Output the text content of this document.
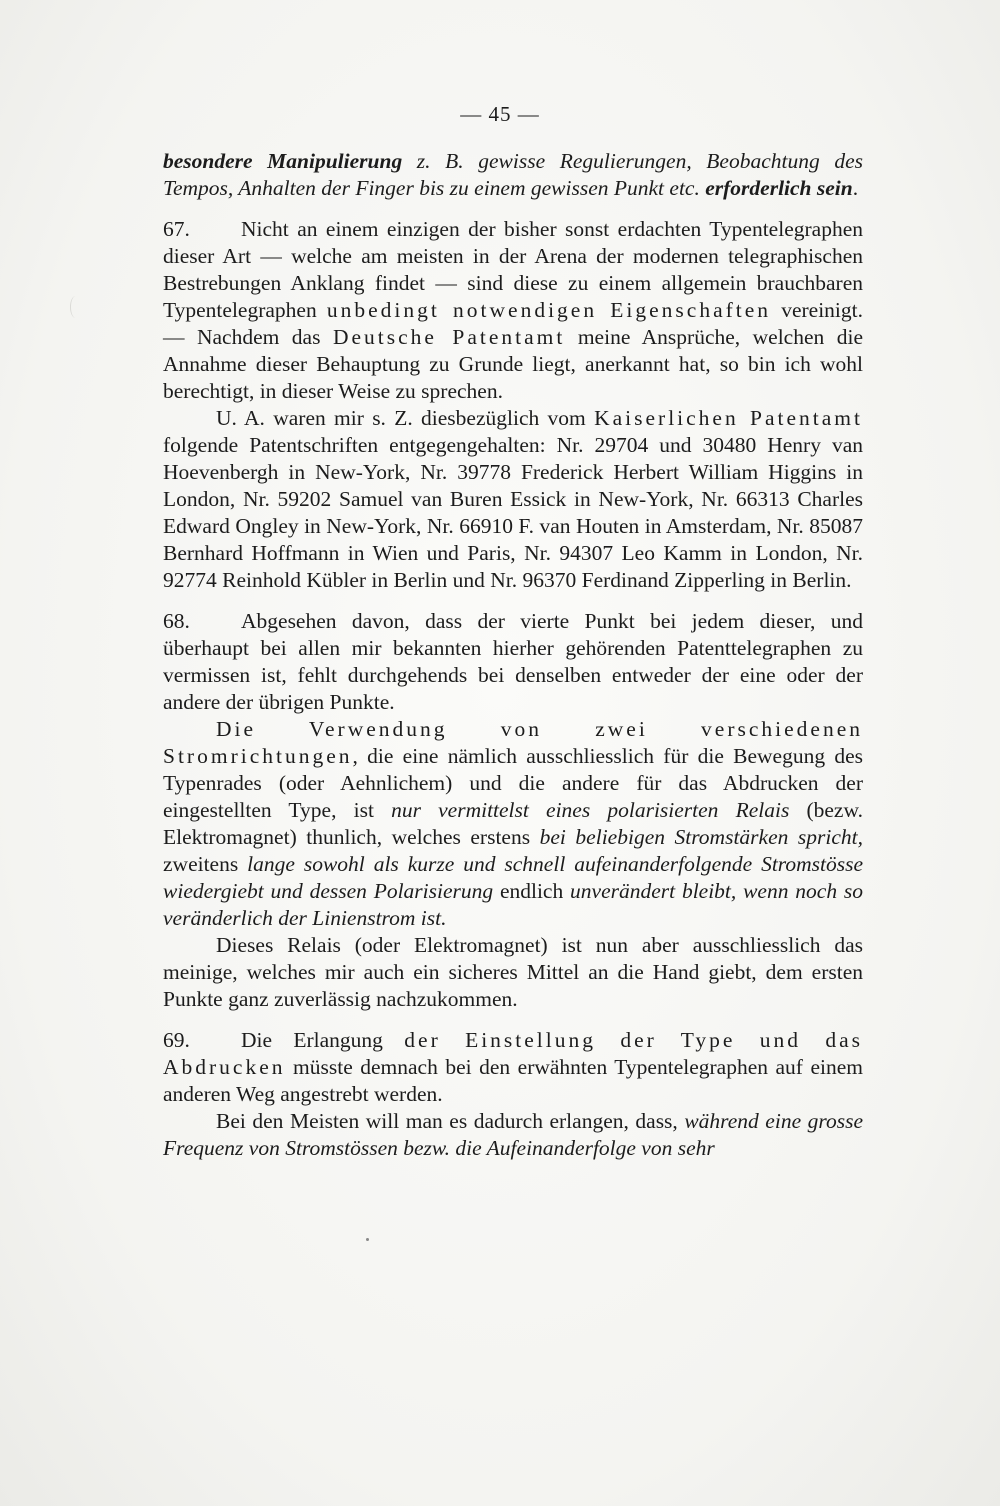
— 45 —

besondere Manipulierung z. B. gewisse Regulierungen, Beobachtung des Tempos, Anhalten der Finger bis zu einem gewissen Punkt etc. erforderlich sein.

67. Nicht an einem einzigen der bisher sonst erdachten Typentelegraphen dieser Art — welche am meisten in der Arena der modernen telegraphischen Bestrebungen Anklang findet — sind diese zu einem allgemein brauchbaren Typentelegraphen unbedingt notwendigen Eigenschaften vereinigt. — Nachdem das Deutsche Patentamt meine Ansprüche, welchen die Annahme dieser Behauptung zu Grunde liegt, anerkannt hat, so bin ich wohl berechtigt, in dieser Weise zu sprechen.

U. A. waren mir s. Z. diesbezüglich vom Kaiserlichen Patentamt folgende Patentschriften entgegengehalten: Nr. 29704 und 30480 Henry van Hoevenbergh in New-York, Nr. 39778 Frederick Herbert William Higgins in London, Nr. 59202 Samuel van Buren Essick in New-York, Nr. 66313 Charles Edward Ongley in New-York, Nr. 66910 F. van Houten in Amsterdam, Nr. 85087 Bernhard Hoffmann in Wien und Paris, Nr. 94307 Leo Kamm in London, Nr. 92774 Reinhold Kübler in Berlin und Nr. 96370 Ferdinand Zipperling in Berlin.

68. Abgesehen davon, dass der vierte Punkt bei jedem dieser, und überhaupt bei allen mir bekannten hierher gehörenden Patenttelegraphen zu vermissen ist, fehlt durchgehends bei denselben entweder der eine oder der andere der übrigen Punkte.

Die Verwendung von zwei verschiedenen Stromrichtungen, die eine nämlich ausschliesslich für die Bewegung des Typenrades (oder Aehnlichem) und die andere für das Abdrucken der eingestellten Type, ist nur vermittelst eines polarisierten Relais (bezw. Elektromagnet) thunlich, welches erstens bei beliebigen Stromstärken spricht, zweitens lange sowohl als kurze und schnell aufeinanderfolgende Stromstösse wiedergiebt und dessen Polarisierung endlich unverändert bleibt, wenn noch so veränderlich der Linienstrom ist.

Dieses Relais (oder Elektromagnet) ist nun aber ausschliesslich das meinige, welches mir auch ein sicheres Mittel an die Hand giebt, dem ersten Punkte ganz zuverlässig nachzukommen.

69. Die Erlangung der Einstellung der Type und das Abdrucken müsste demnach bei den erwähnten Typentelegraphen auf einem anderen Weg angestrebt werden.

Bei den Meisten will man es dadurch erlangen, dass, während eine grosse Frequenz von Stromstössen bezw. die Aufeinanderfolge von sehr
